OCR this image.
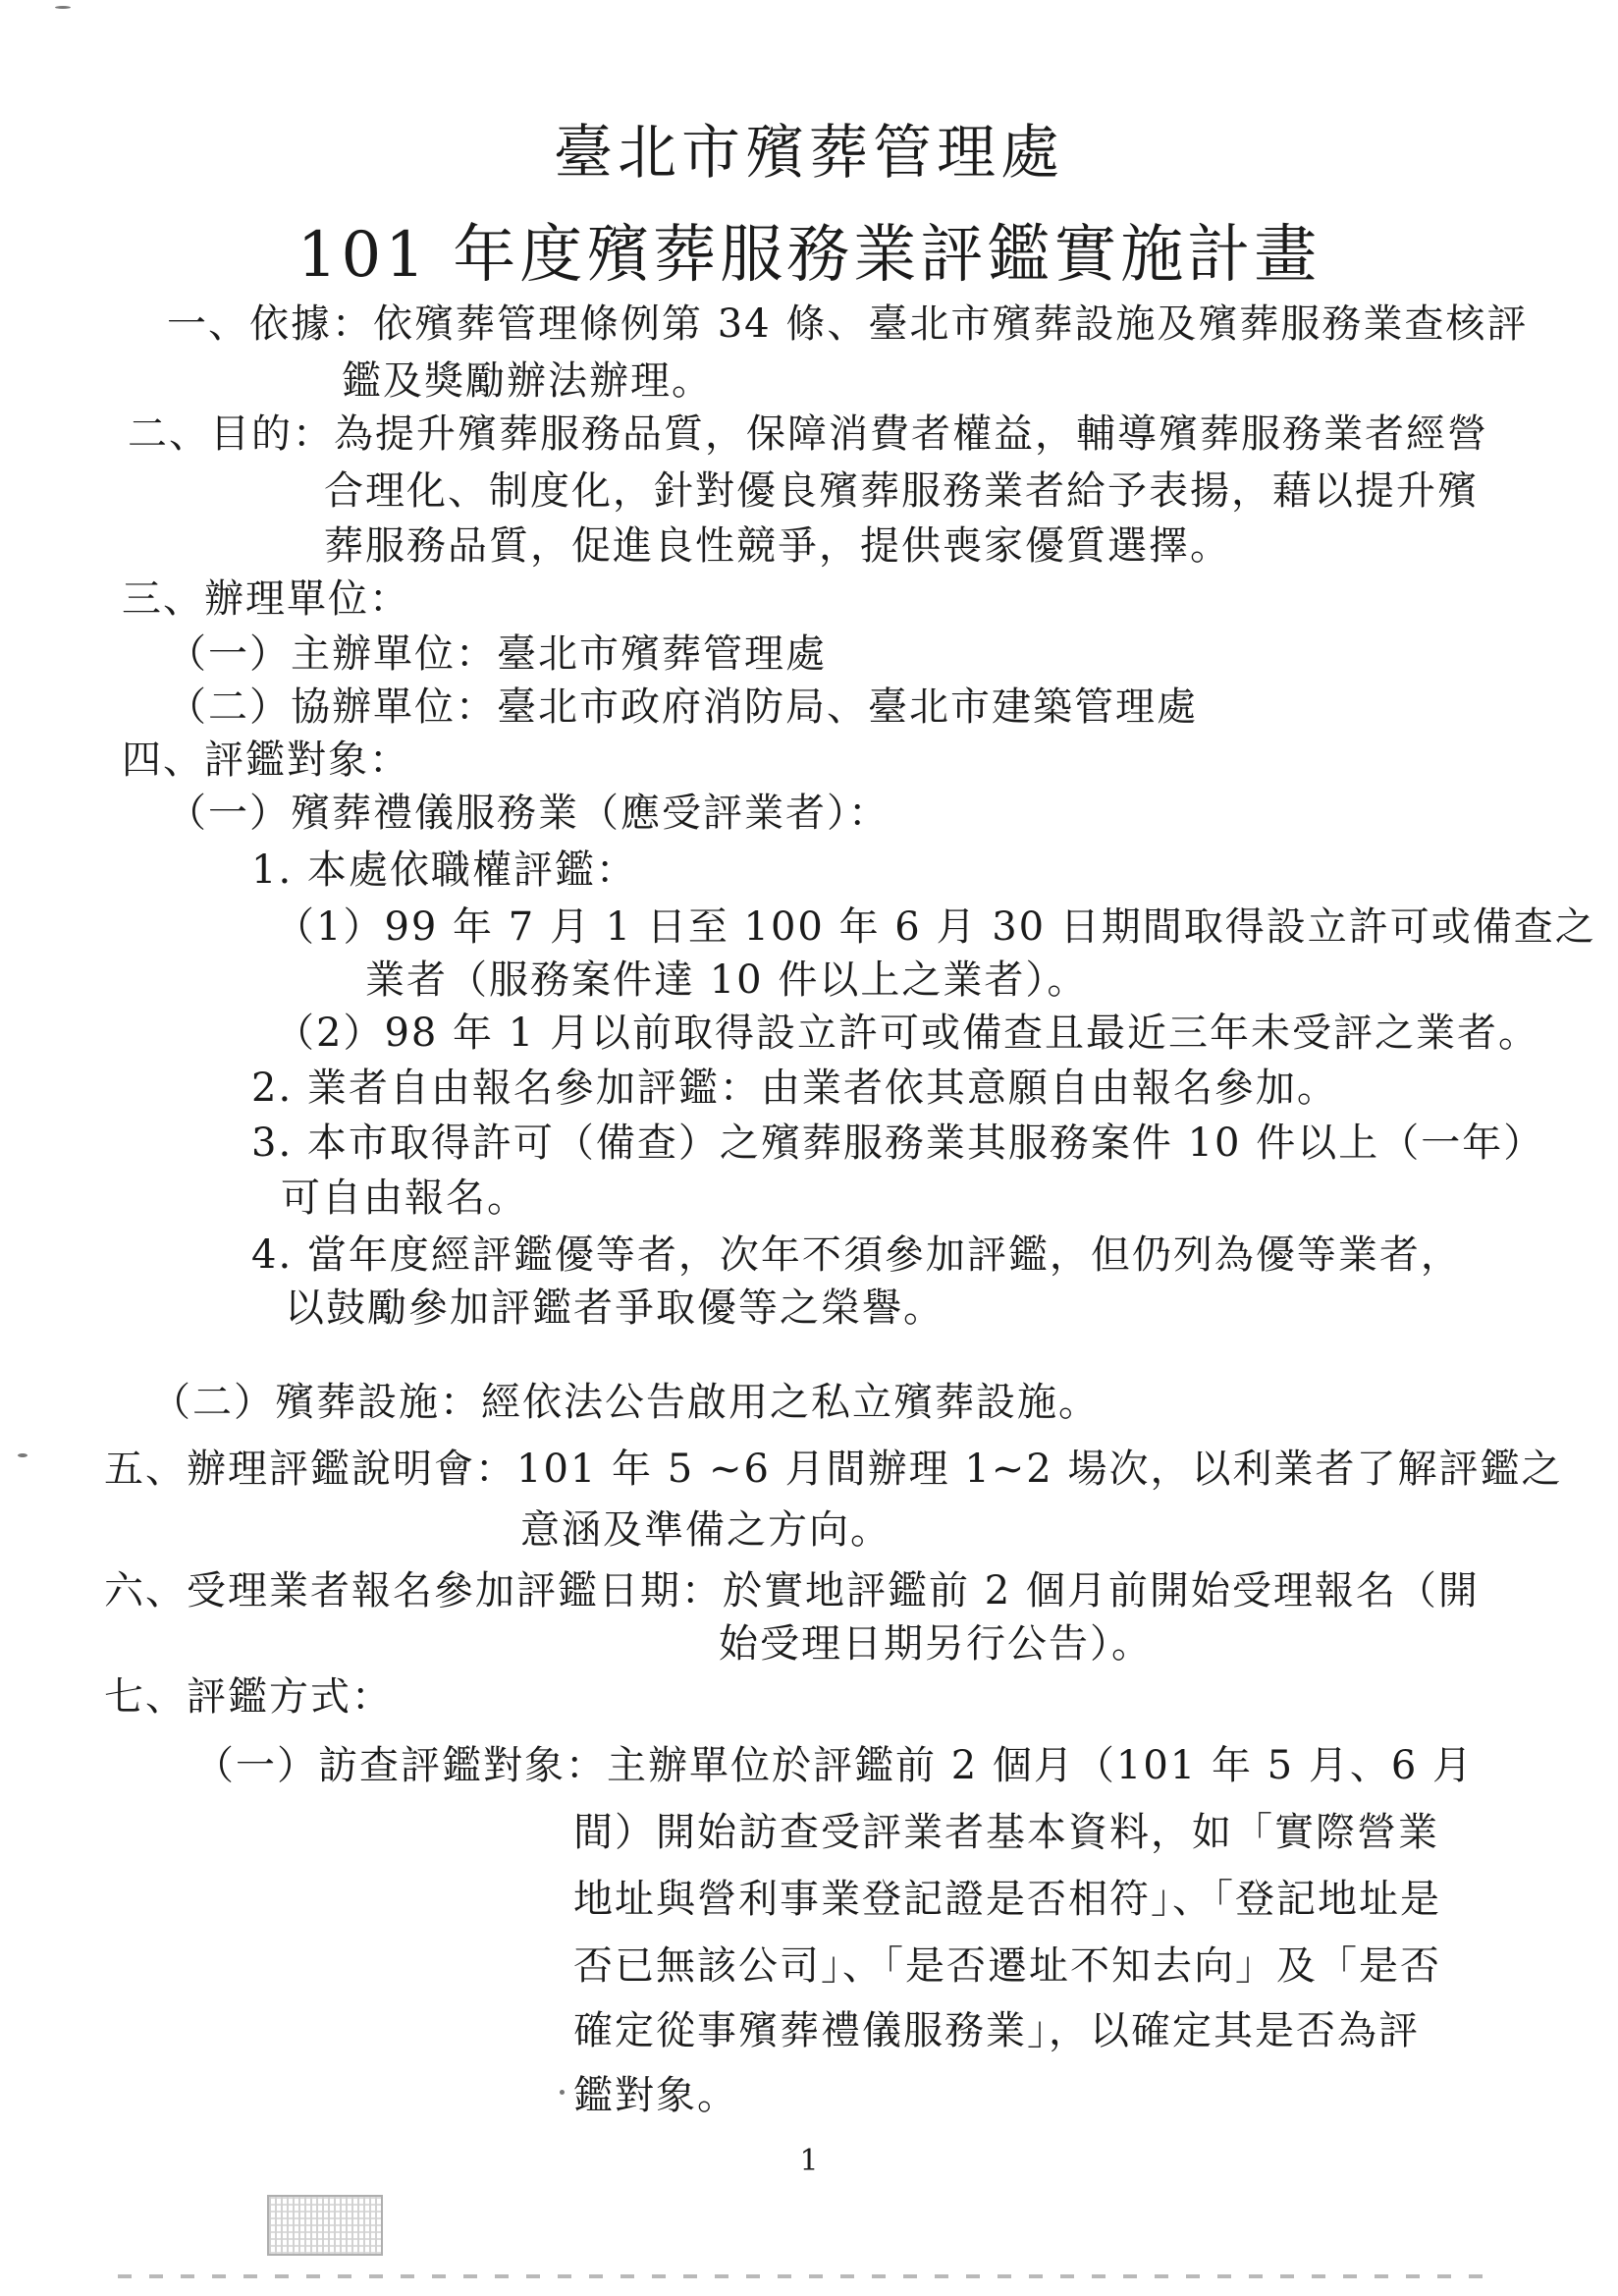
臺北市殯葬管理處
101 年度殯葬服務業評鑑實施計畫
一、依據：依殯葬管理條例第 34 條、臺北市殯葬設施及殯葬服務業查核評
鑑及獎勵辦法辦理。
二、目的：為提升殯葬服務品質，保障消費者權益，輔導殯葬服務業者經營
合理化、制度化，針對優良殯葬服務業者給予表揚，藉以提升殯
葬服務品質，促進良性競爭，提供喪家優質選擇。
三、辦理單位：
（一）主辦單位：臺北市殯葬管理處
（二）協辦單位：臺北市政府消防局、臺北市建築管理處
四、評鑑對象：
（一）殯葬禮儀服務業（應受評業者）：
1. 本處依職權評鑑：
（1）99 年 7 月 1 日至 100 年 6 月 30 日期間取得設立許可或備查之
業者（服務案件達 10 件以上之業者）。
（2）98 年 1 月以前取得設立許可或備查且最近三年未受評之業者。
2. 業者自由報名參加評鑑：由業者依其意願自由報名參加。
3. 本市取得許可（備查）之殯葬服務業其服務案件 10 件以上（一年）
可自由報名。
4. 當年度經評鑑優等者，次年不須參加評鑑，但仍列為優等業者，
以鼓勵參加評鑑者爭取優等之榮譽。
（二）殯葬設施：經依法公告啟用之私立殯葬設施。
五、辦理評鑑說明會：101 年 5 ~6 月間辦理 1~2 場次，以利業者了解評鑑之
意涵及準備之方向。
六、受理業者報名參加評鑑日期：於實地評鑑前 2 個月前開始受理報名（開
始受理日期另行公告）。
七、評鑑方式：
（一）訪查評鑑對象：主辦單位於評鑑前 2 個月（101 年 5 月、6 月
間）開始訪查受評業者基本資料，如「實際營業
地址與營利事業登記證是否相符」、「登記地址是
否已無該公司」、「是否遷址不知去向」及「是否
確定從事殯葬禮儀服務業」，以確定其是否為評
鑑對象。
1
